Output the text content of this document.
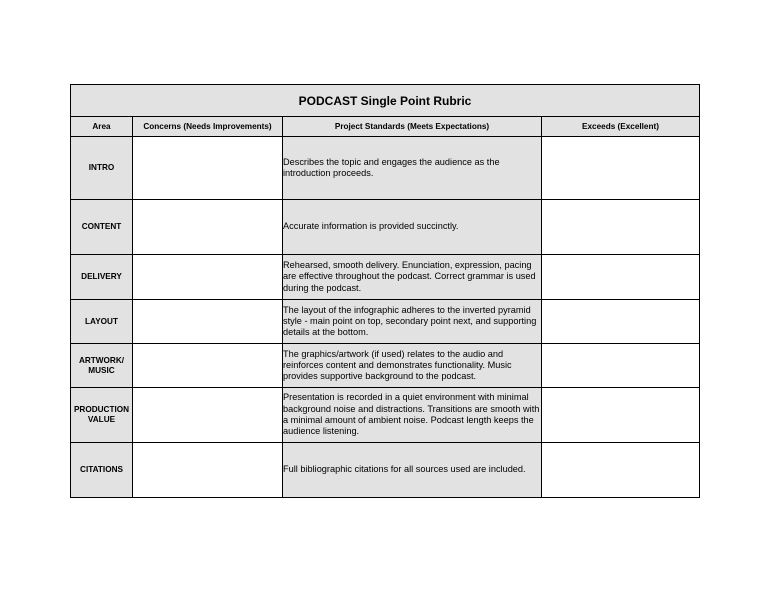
PODCAST Single Point Rubric			
Area	Concerns (Needs Improvements)	Project Standards (Meets Expectations)	Exceeds (Excellent)
INTRO		Describes the topic and engages the audience as the introduction proceeds.	
CONTENT		Accurate information is provided succinctly.	
DELIVERY		Rehearsed, smooth delivery. Enunciation, expression, pacing are effective throughout the podcast. Correct grammar is used during the podcast.	
LAYOUT		The layout of the infographic adheres to the inverted pyramid style - main point on top, secondary point next, and supporting details at the bottom.	
ARTWORK/
MUSIC		The graphics/artwork (if used) relates to the audio and reinforces content and demonstrates functionality. Music provides supportive background to the podcast.	
PRODUCTION
VALUE		Presentation is recorded in a quiet environment with minimal background noise and distractions. Transitions are smooth with a minimal amount of ambient noise. Podcast length keeps the audience listening.	
CITATIONS		Full bibliographic citations for all sources used are included.	
